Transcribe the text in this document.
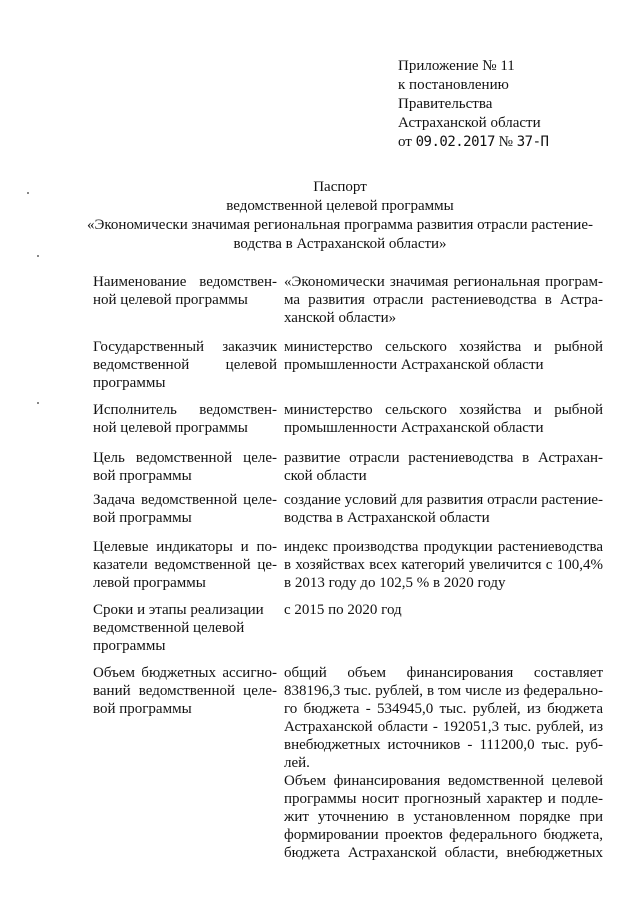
Приложение № 11
к постановлению
Правительства
Астраханской области
от 09.02.2017 № 37-П
Паспорт
ведомственной целевой программы
«Экономически значимая региональная программа развития отрасли растение-
водства в Астраханской области»
Наименование ведомствен-
ной целевой программы
«Экономически значимая региональная програм-
ма развития отрасли растениеводства в Астра-
ханской области»
Государственный заказчик
ведомственной целевой
программы
министерство сельского хозяйства и рыбной
промышленности Астраханской области
Исполнитель ведомствен-
ной целевой программы
министерство сельского хозяйства и рыбной
промышленности Астраханской области
Цель ведомственной целе-
вой программы
развитие отрасли растениеводства в Астрахан-
ской области
Задача ведомственной целе-
вой программы
создание условий для развития отрасли растение-
водства в Астраханской области
Целевые индикаторы и по-
казатели ведомственной це-
левой программы
индекс производства продукции растениеводства
в хозяйствах всех категорий увеличится с 100,4%
в 2013 году до 102,5 % в 2020 году
Сроки и этапы реализации
ведомственной целевой
программы
с 2015 по 2020 год
Объем бюджетных ассигно-
ваний ведомственной целе-
вой программы
общий объем финансирования составляет
838196,3 тыс. рублей, в том числе из федерально-
го бюджета - 534945,0 тыс. рублей, из бюджета
Астраханской области - 192051,3 тыс. рублей, из
внебюджетных источников - 111200,0 тыс. руб-
лей.
Объем финансирования ведомственной целевой
программы носит прогнозный характер и подле-
жит уточнению в установленном порядке при
формировании проектов федерального бюджета,
бюджета Астраханской области, внебюджетных
